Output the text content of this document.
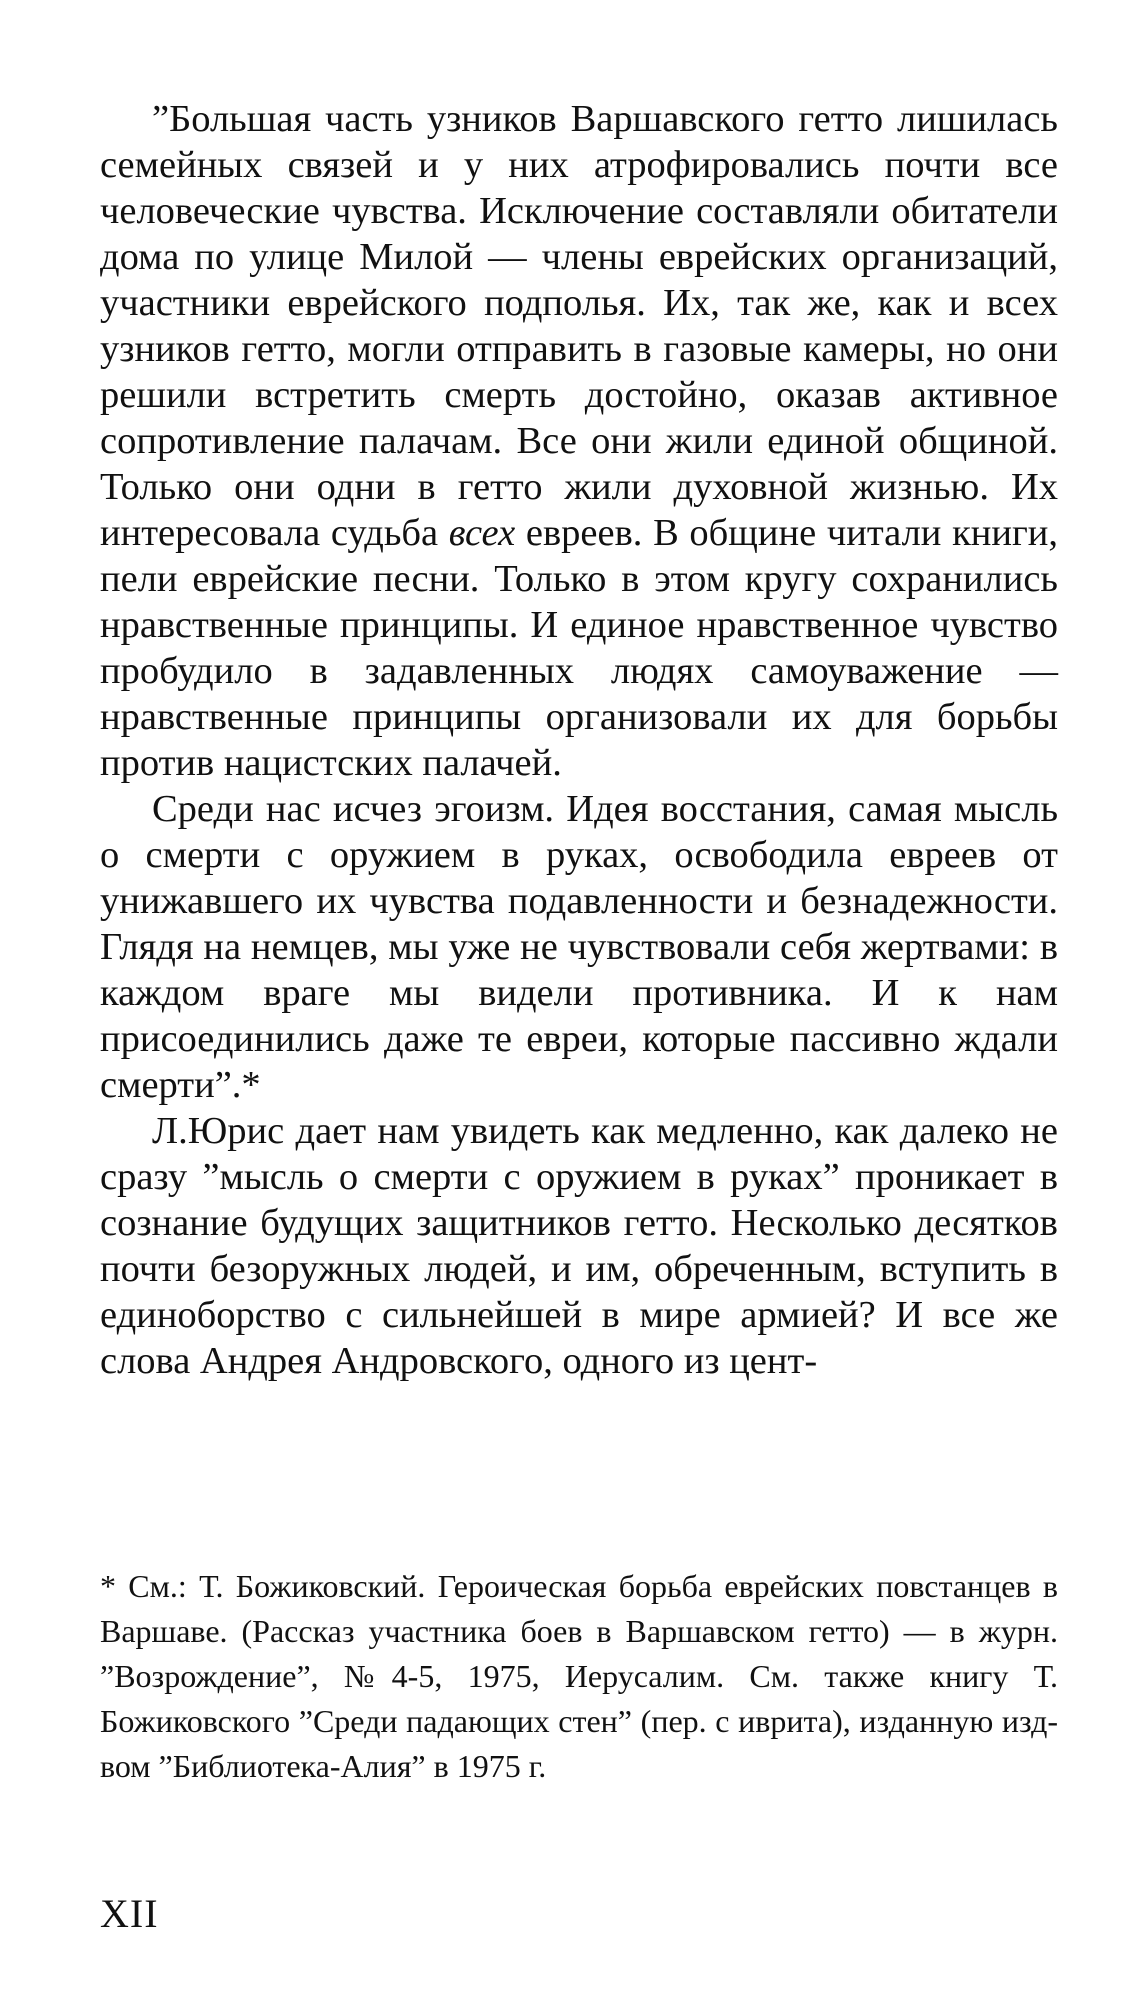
”Большая часть узников Варшавского гетто лишилась семейных связей и у них атрофировались почти все человеческие чувства. Исключение составляли обитатели дома по улице Милой — члены еврейских организаций, участники еврейского подполья. Их, так же, как и всех узников гетто, могли отправить в газовые камеры, но они решили встретить смерть достойно, оказав активное сопротивление палачам. Все они жили единой общиной. Только они одни в гетто жили духовной жизнью. Их интересовала судьба всех евреев. В общине читали книги, пели еврейские песни. Только в этом кругу сохранились нравственные принципы. И единое нравственное чувство пробудило в задавленных людях самоуважение — нравственные принципы организовали их для борьбы против нацистских палачей.

Среди нас исчез эгоизм. Идея восстания, самая мысль о смерти с оружием в руках, освободила евреев от унижавшего их чувства подавленности и безнадежности. Глядя на немцев, мы уже не чувствовали себя жертвами: в каждом враге мы видели противника. И к нам присоединились даже те евреи, которые пассивно ждали смерти”.*

Л.Юрис дает нам увидеть как медленно, как далеко не сразу ”мысль о смерти с оружием в руках” проникает в сознание будущих защитников гетто. Несколько десятков почти безоружных людей, и им, обреченным, вступить в единоборство с сильнейшей в мире армией? И все же слова Андрея Андровского, одного из цент-

* См.: Т. Божиковский. Героическая борьба еврейских повстанцев в Варшаве. (Рассказ участника боев в Варшавском гетто) — в журн. ”Возрождение”, №4-5, 1975, Иерусалим. См. также книгу Т. Божиковского ”Среди падающих стен” (пер. с иврита), изданную изд-вом ”Библиотека-Алия” в 1975 г.

XII
